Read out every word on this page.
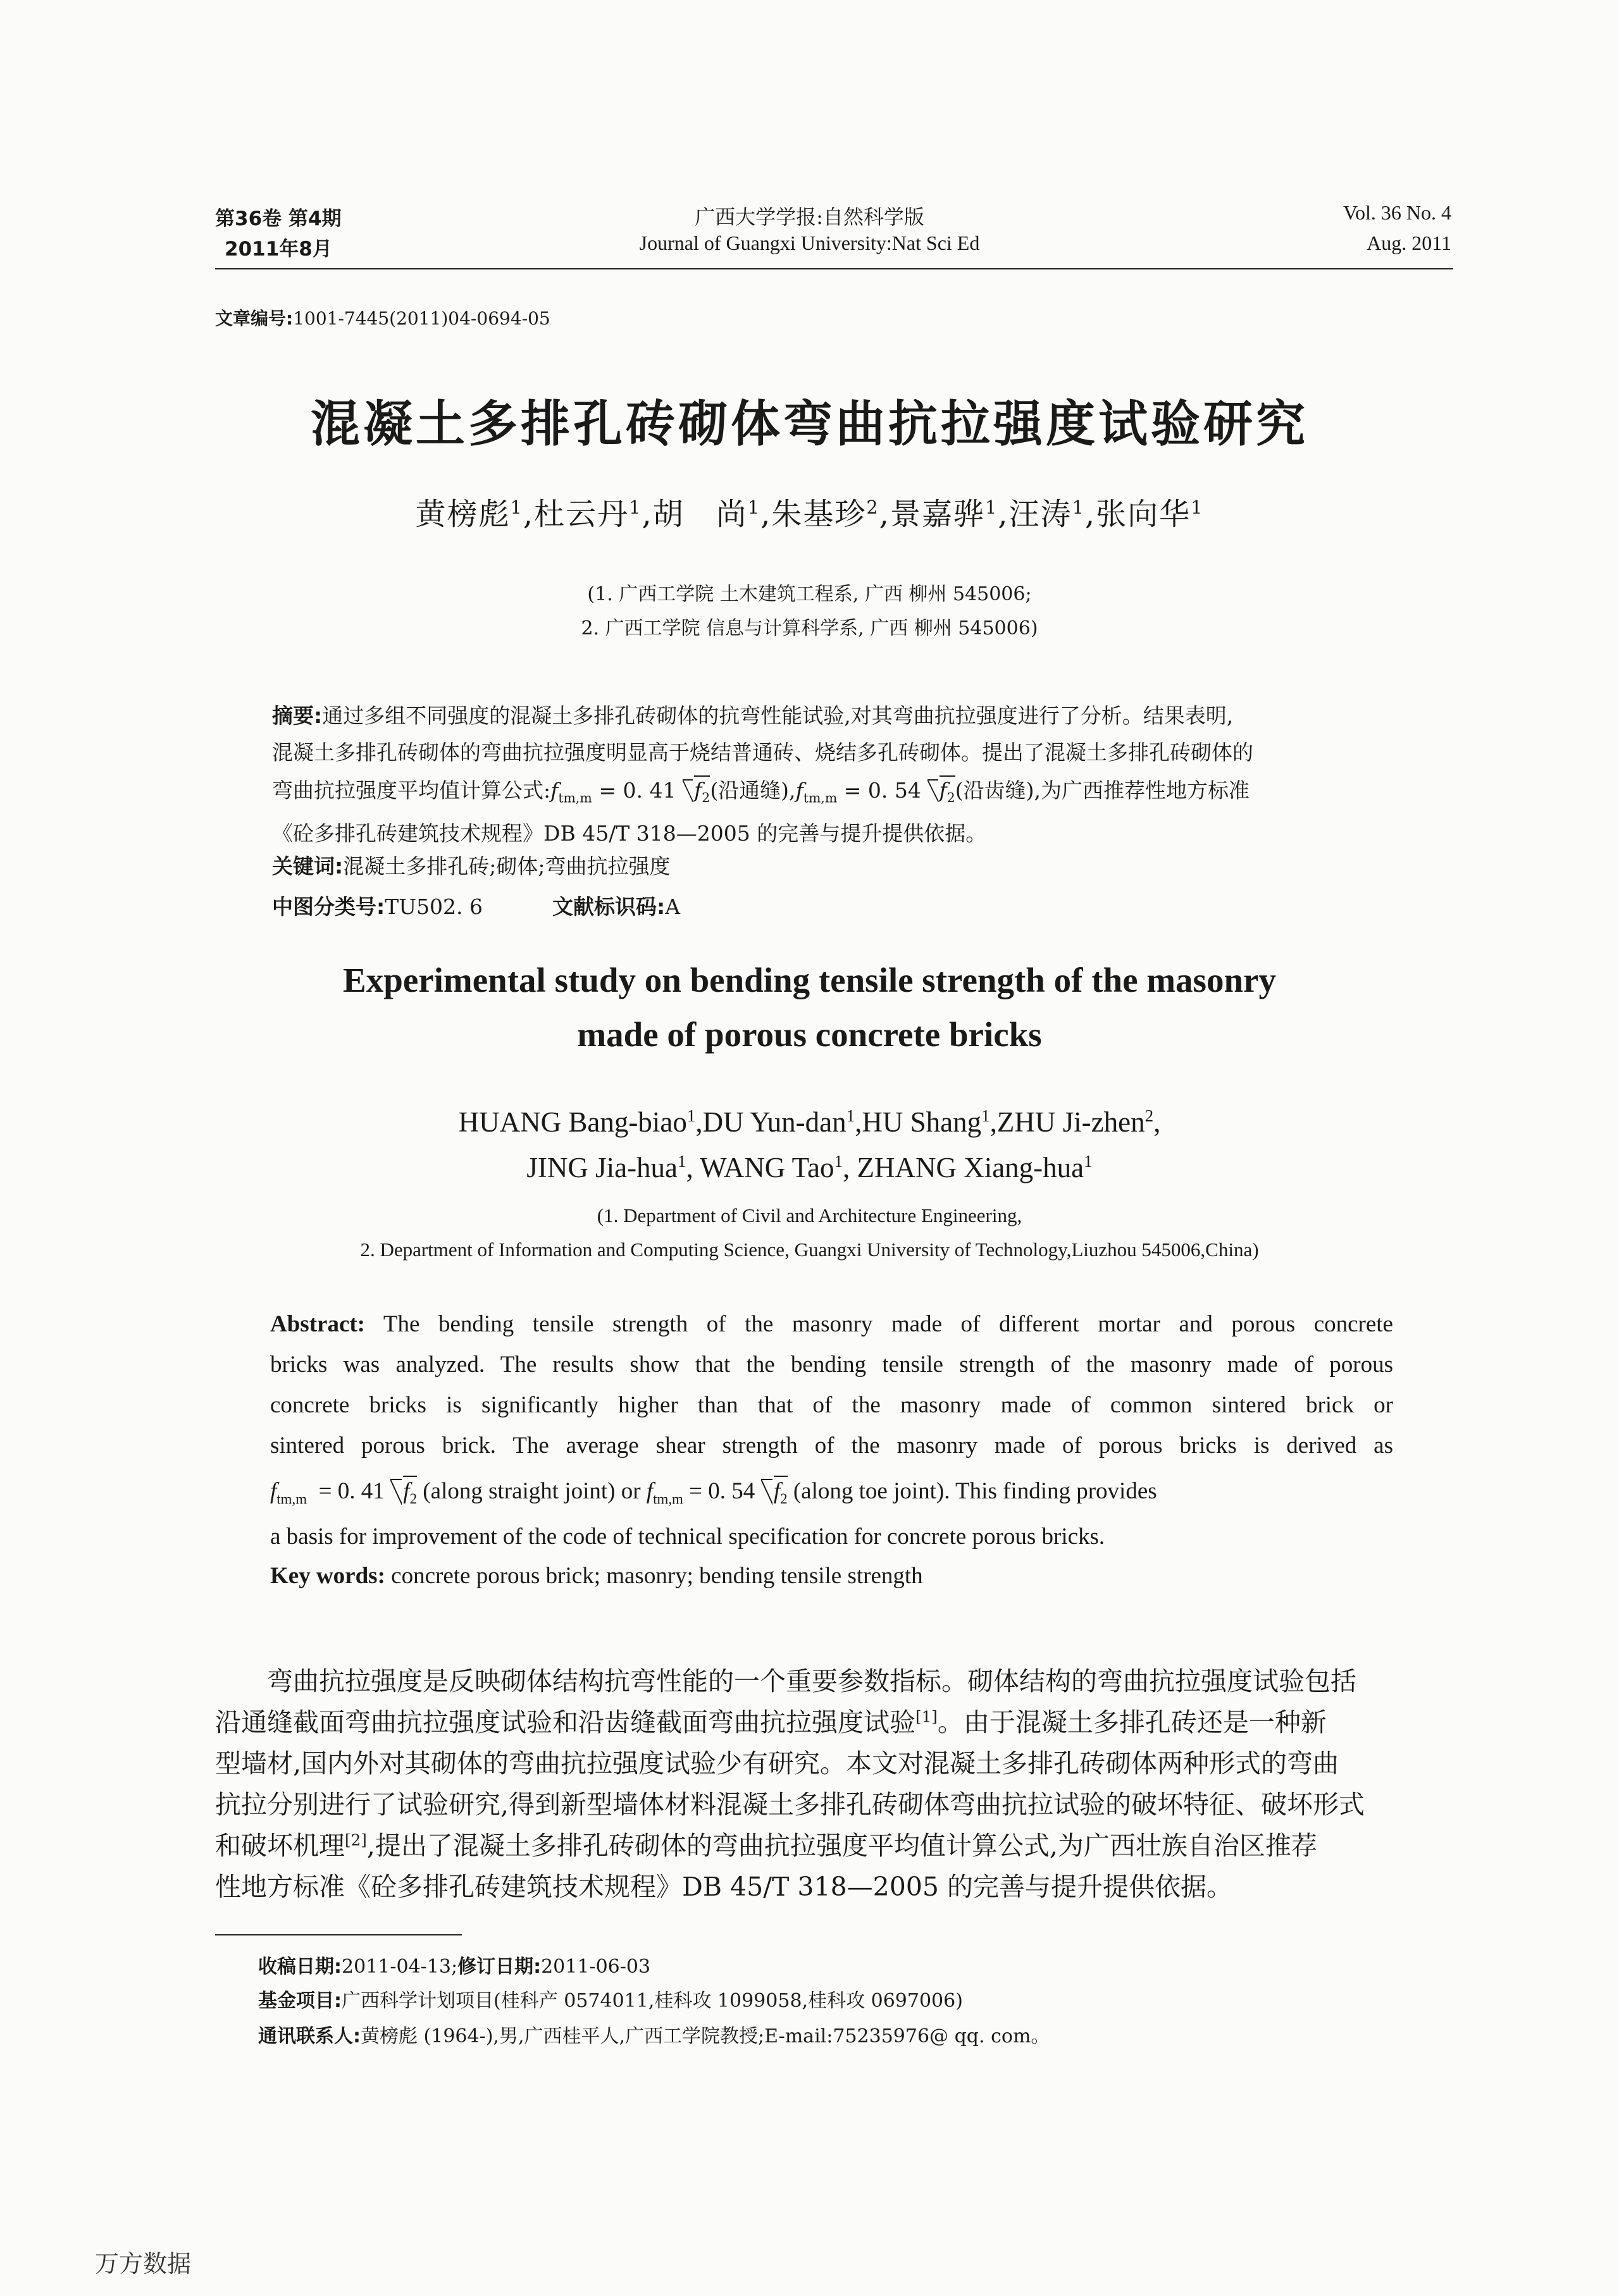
第36卷 第4期
2011年8月
广西大学学报:自然科学版
Journal of Guangxi University:Nat Sci Ed
Vol. 36 No. 4
Aug. 2011
文章编号:1001-7445(2011)04-0694-05
混凝土多排孔砖砌体弯曲抗拉强度试验研究
黄榜彪$^1$,杜云丹$^1$,胡　尚$^1$,朱基珍$^2$,景嘉骅$^1$,汪涛$^1$,张向华$^1$
(1. 广西工学院 土木建筑工程系, 广西 柳州 545006;
2. 广西工学院 信息与计算科学系, 广西 柳州 545006)
摘要:通过多组不同强度的混凝土多排孔砖砌体的抗弯性能试验,对其弯曲抗拉强度进行了分析。结果表明,
混凝土多排孔砖砌体的弯曲抗拉强度明显高于烧结普通砖、烧结多孔砖砌体。提出了混凝土多排孔砖砌体的
弯曲抗拉强度平均值计算公式$:f_{tm,m} = 0$. 41 $f_2$(沿通缝)$,f_{tm,m} = 0$. 54 $f_2$(沿齿缝),为广西推荐性地方标准
《砼多排孔砖建筑技术规程》DB 45/T 318—2005 的完善与提升提供依据。
关键词:混凝土多排孔砖;砌体;弯曲抗拉强度
中图分类号:TU502. 6	文献标识码:A
Experimental study on bending tensile strength of the masonry
made of porous concrete bricks
HUANG Bang-biao$^1$,DU Yun-dan$^1$,HU Shang$^1$,ZHU Ji-zhen$^2$,
JING Jia-hua$^1$, WANG Tao$^1$, ZHANG Xiang-hua$^1$
(1. Department of Civil and Architecture Engineering,
2. Department of Information and Computing Science, Guangxi University of Technology,Liuzhou 545006,China)
Abstract: The bending tensile strength of the masonry made of different mortar and porous concrete
bricks was analyzed. The results show that the bending tensile strength of the masonry made of porous
concrete bricks is significantly higher than that of the masonry made of common sintered brick or
sintered porous brick. The average shear strength of the masonry made of porous bricks is derived as
$f_{tm,m} = 0$. 41 $f_2$ (along straight joint) or $f_{tm,m} = 0$. 54 $f_2$ (along toe joint). This finding provides
a basis for improvement of the code of technical specification for concrete porous bricks.
Key words: concrete porous brick; masonry; bending tensile strength
弯曲抗拉强度是反映砌体结构抗弯性能的一个重要参数指标。砌体结构的弯曲抗拉强度试验包括
沿通缝截面弯曲抗拉强度试验和沿齿缝截面弯曲抗拉强度试验[1]。由于混凝土多排孔砖还是一种新
型墙材,国内外对其砌体的弯曲抗拉强度试验少有研究。本文对混凝土多排孔砖砌体两种形式的弯曲
抗拉分别进行了试验研究,得到新型墙体材料混凝土多排孔砖砌体弯曲抗拉试验的破坏特征、破坏形式
和破坏机理[2],提出了混凝土多排孔砖砌体的弯曲抗拉强度平均值计算公式,为广西壮族自治区推荐
性地方标准《砼多排孔砖建筑技术规程》DB 45/T 318—2005 的完善与提升提供依据。
收稿日期:2011-04-13;修订日期:2011-06-03
基金项目:广西科学计划项目(桂科产 0574011,桂科攻 1099058,桂科攻 0697006)
通讯联系人:黄榜彪 (1964-),男,广西桂平人,广西工学院教授;E-mail:75235976@ qq. com。
万方数据
